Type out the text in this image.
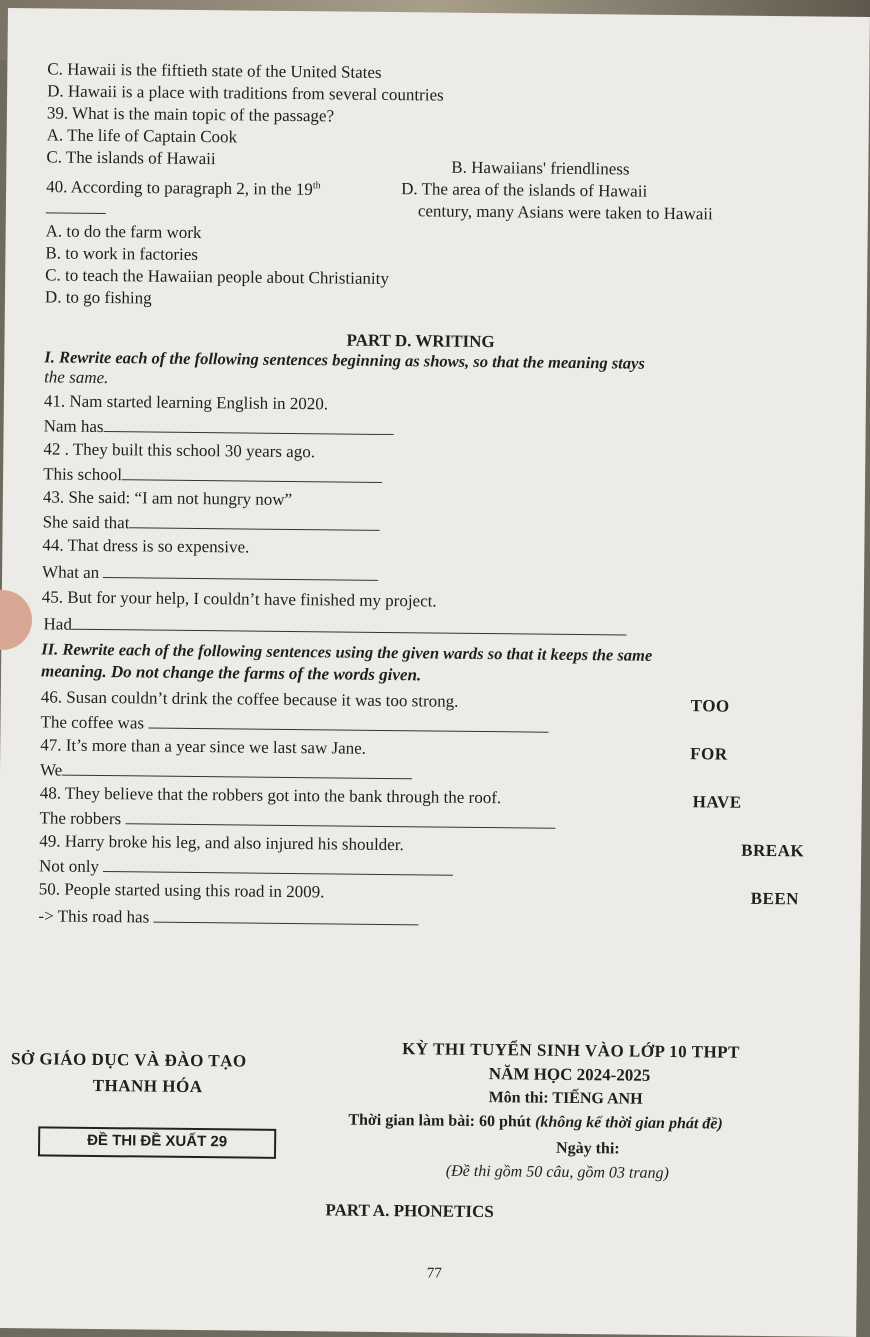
C. Hawaii is the fiftieth state of the United States
D. Hawaii is a place with traditions from several countries
39. What is the main topic of the passage?
A. The life of Captain Cook
C. The islands of Hawaii	B. Hawaiians' friendliness
D. The area of the islands of Hawaii
40. According to paragraph 2, in the 19th
century, many Asians were taken to Hawaii
A. to do the farm work
B. to work in factories
C. to teach the Hawaiian people about Christianity
D. to go fishing
PART D. WRITING
I. Rewrite each of the following sentences beginning as shows, so that the meaning stays
the same.
41. Nam started learning English in 2020.
Nam has
42 . They built this school 30 years ago.
This school
43. She said: “I am not hungry now”
She said that
44. That dress is so expensive.
What an
45. But for your help, I couldn’t have finished my project.
Had
II. Rewrite each of the following sentences using the given wards so that it keeps the same
meaning. Do not change the farms of the words given.
46. Susan couldn’t drink the coffee because it was too strong.	TOO
The coffee was
47. It’s more than a year since we last saw Jane.	FOR
We
48. They believe that the robbers got into the bank through the roof.	HAVE
The robbers
49. Harry broke his leg, and also injured his shoulder.	BREAK
Not only
50. People started using this road in 2009.	BEEN
-> This road has
SỞ GIÁO DỤC VÀ ĐÀO TẠO
THANH HÓA
ĐỀ THI ĐỀ XUẤT 29
KỲ THI TUYỂN SINH VÀO LỚP 10 THPT
NĂM HỌC 2024-2025
Môn thi: TIẾNG ANH
Thời gian làm bài: 60 phút (không kể thời gian phát đề)
Ngày thi:
(Đề thi gồm 50 câu, gồm 03 trang)
PART A. PHONETICS
77
